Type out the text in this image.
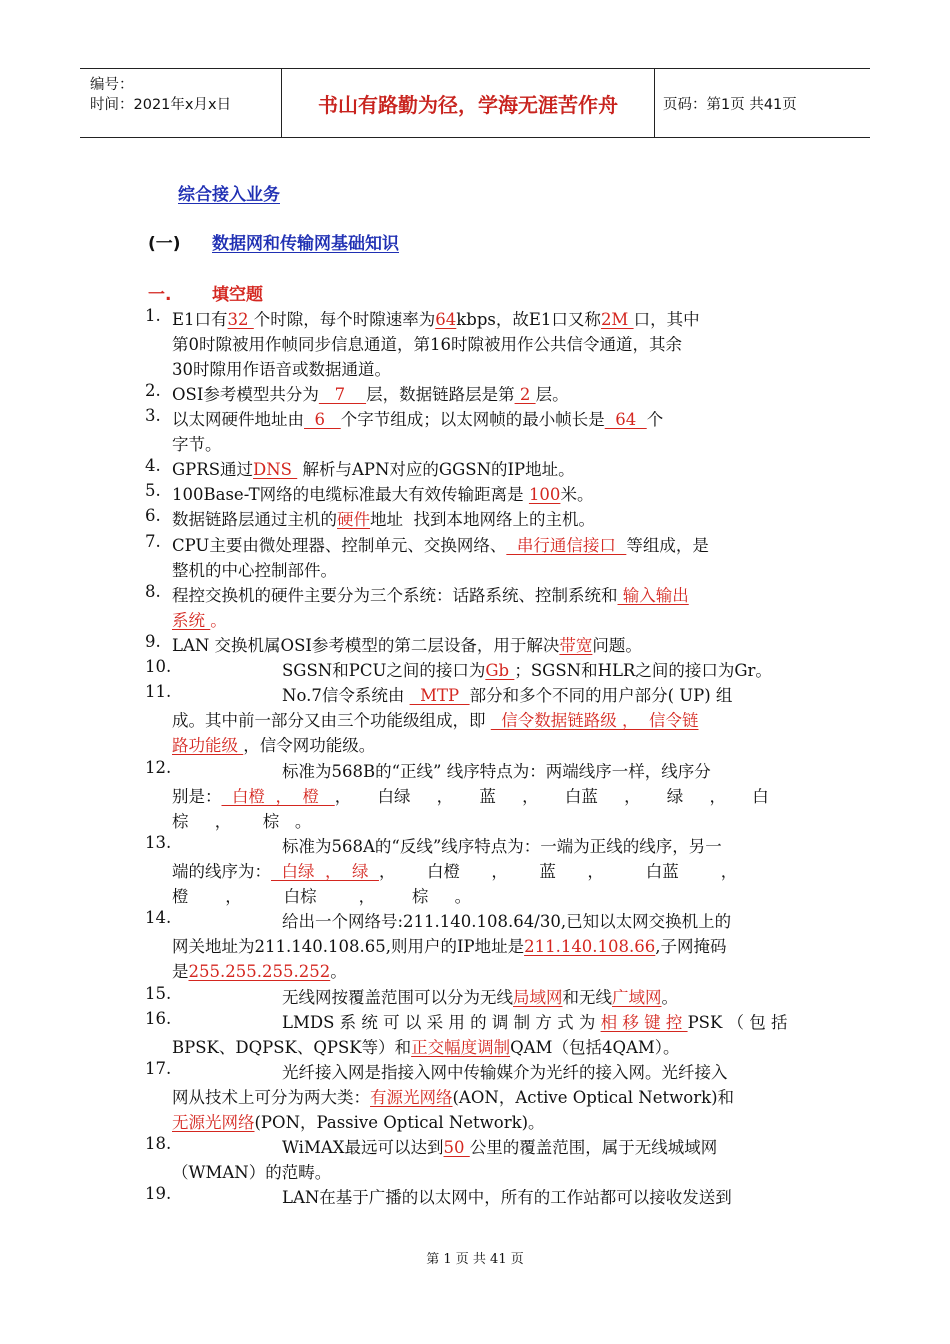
编号：
时间：2021年x月x日	书山有路勤为径，学海无涯苦作舟	页码：第1页 共41页
综合接入业务
(一) 数据网和传输网基础知识
一. 填空题
1. E1口有32 个时隙，每个时隙速率为64kbps，故E1口又称2M 口，其中
第0时隙被用作帧同步信息通道，第16时隙被用作公共信令通道，其余
30时隙用作语音或数据通道。
2. OSI参考模型共分为   7    层，数据链路层是第 2 层。
3. 以太网硬件地址由  6   个字节组成；以太网帧的最小帧长是  64  个
字节。
4. GPRS通过DNS  解析与APN对应的GGSN的IP地址。
5. 100Base-T网络的电缆标准最大有效传输距离是 100米。
6. 数据链路层通过主机的硬件地址  找到本地网络上的主机。
7. CPU主要由微处理器、控制单元、交换网络、  串行通信接口  等组成，是
整机的中心控制部件。
8. 程控交换机的硬件主要分为三个系统：话路系统、控制系统和 输入输出
系统 。
9. LAN 交换机属OSI参考模型的第二层设备，用于解决带宽问题。
10.	SGSN和PCU之间的接口为Gb ；SGSN和HLR之间的接口为Gr。
11.	No.7信令系统由   MTP  部分和多个不同的用户部分( UP) 组
成。其中前一部分又由三个功能级组成，即   信令数据链路级 ，  信令链
路功能级 ，信令网功能级。
12.	标准为568B的“正线” 线序特点为：两端线序一样，线序分
别是：  白橙  ，  橙   ，     白绿     ，     蓝     ，     白蓝     ，     绿     ，     白
棕     ，      棕   。
13.	标准为568A的“反线”线序特点为：一端为正线的线序，另一
端的线序为：  白绿  ，  绿  ，      白橙      ，      蓝      ，        白蓝        ，
橙       ，        白棕        ，       棕     。
14.	给出一个网络号:211.140.108.64/30,已知以太网交换机上的
网关地址为211.140.108.65,则用户的IP地址是211.140.108.66,子网掩码
是255.255.255.252。
15.	无线网按覆盖范围可以分为无线局域网和无线广域网。
16.	LMDS 系 统 可 以 采 用 的 调 制 方 式 为 相 移 键 控 PSK （ 包 括
BPSK、DQPSK、QPSK等）和正交幅度调制QAM（包括4QAM）。
17.	光纤接入网是指接入网中传输媒介为光纤的接入网。光纤接入
网从技术上可分为两大类：有源光网络(AON，Active Optical Network)和
无源光网络(PON，Passive Optical Network)。
18.	WiMAX最远可以达到50 公里的覆盖范围，属于无线城域网
（WMAN）的范畴。
19.	LAN在基于广播的以太网中，所有的工作站都可以接收发送到
第 1 页 共 41 页
